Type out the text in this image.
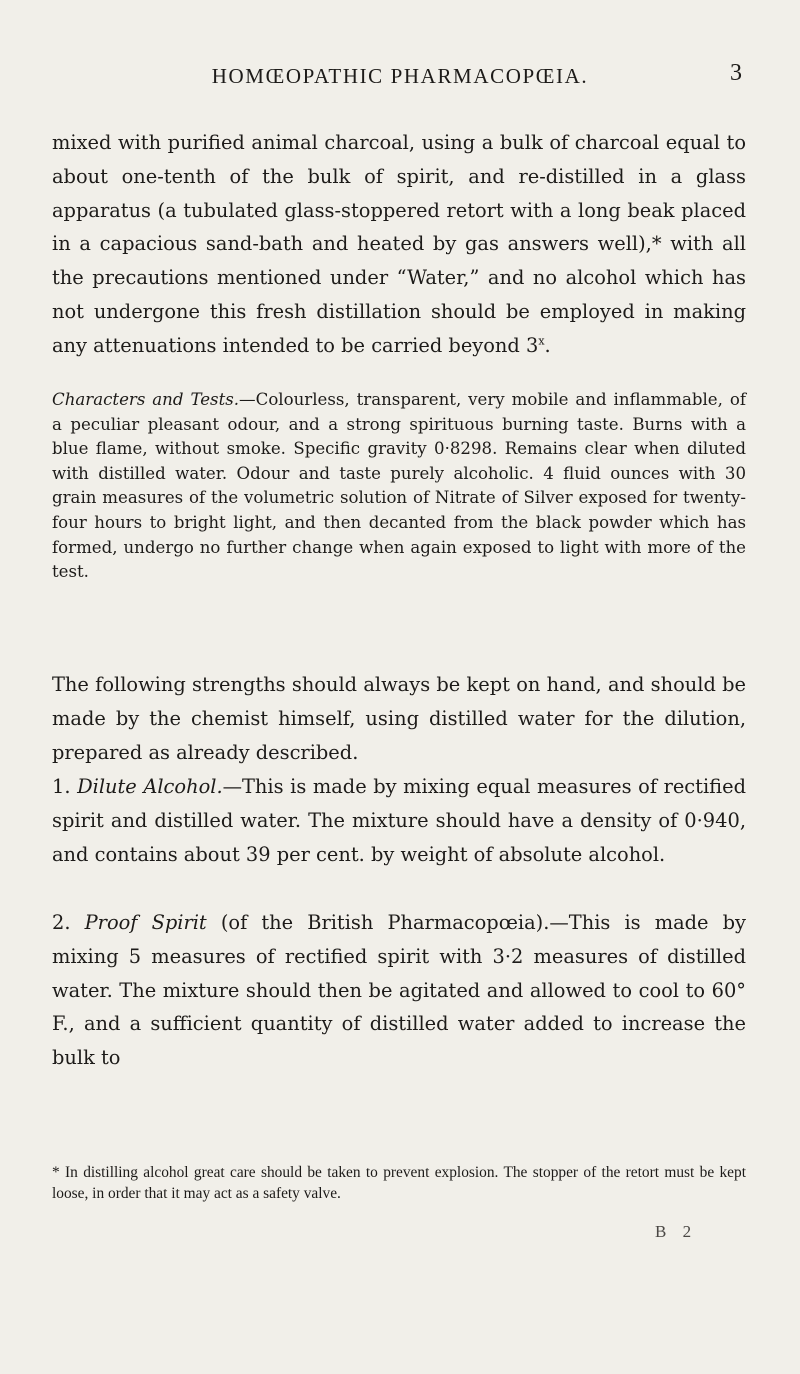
HOMŒOPATHIC PHARMACOPŒIA.	3

mixed with purified animal charcoal, using a bulk of charcoal equal to about one-tenth of the bulk of spirit, and re-distilled in a glass apparatus (a tubulated glass-stoppered retort with a long beak placed in a capacious sand-bath and heated by gas answers well),* with all the precautions mentioned under “Water,” and no alcohol which has not undergone this fresh distillation should be employed in making any attenuations intended to be carried beyond 3$^x$.

Characters and Tests.—Colourless, transparent, very mobile and inflammable, of a peculiar pleasant odour, and a strong spirituous burning taste. Burns with a blue flame, without smoke. Specific gravity 0·8298. Remains clear when diluted with distilled water. Odour and taste purely alcoholic. 4 fluid ounces with 30 grain measures of the volumetric solution of Nitrate of Silver exposed for twenty-four hours to bright light, and then decanted from the black powder which has formed, undergo no further change when again exposed to light with more of the test.

The following strengths should always be kept on hand, and should be made by the chemist himself, using distilled water for the dilution, prepared as already described.

1. Dilute Alcohol.—This is made by mixing equal measures of rectified spirit and distilled water. The mixture should have a density of 0·940, and contains about 39 per cent. by weight of absolute alcohol.

2. Proof Spirit (of the British Pharmacopœia).—This is made by mixing 5 measures of rectified spirit with 3·2 measures of distilled water. The mixture should then be agitated and allowed to cool to 60° F., and a sufficient quantity of distilled water added to increase the bulk to

* In distilling alcohol great care should be taken to prevent explosion. The stopper of the retort must be kept loose, in order that it may act as a safety valve.

B 2
